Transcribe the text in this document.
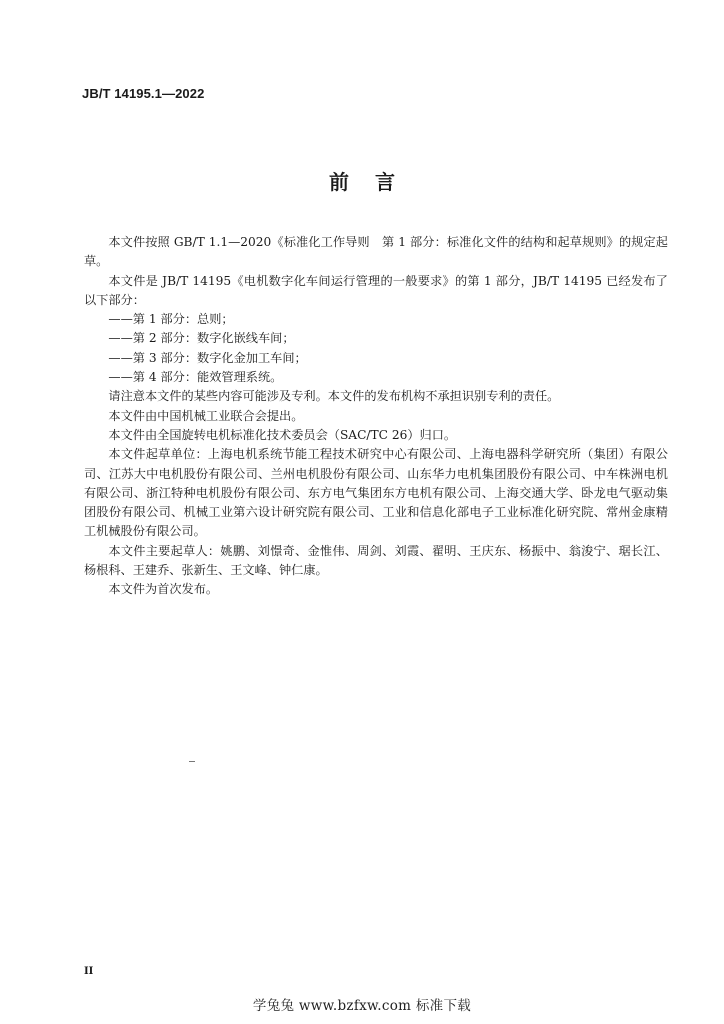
JB/T 14195.1—2022
前言

本文件按照 GB/T 1.1—2020《标准化工作导则　第 1 部分：标准化文件的结构和起草规则》的规定起草。

本文件是 JB/T 14195《电机数字化车间运行管理的一般要求》的第 1 部分，JB/T 14195 已经发布了以下部分：

——第 1 部分：总则；

——第 2 部分：数字化嵌线车间；

——第 3 部分：数字化金加工车间；

——第 4 部分：能效管理系统。

请注意本文件的某些内容可能涉及专利。本文件的发布机构不承担识别专利的责任。

本文件由中国机械工业联合会提出。

本文件由全国旋转电机标准化技术委员会（SAC/TC 26）归口。

本文件起草单位：上海电机系统节能工程技术研究中心有限公司、上海电器科学研究所（集团）有限公司、江苏大中电机股份有限公司、兰州电机股份有限公司、山东华力电机集团股份有限公司、中车株洲电机有限公司、浙江特种电机股份有限公司、东方电气集团东方电机有限公司、上海交通大学、卧龙电气驱动集团股份有限公司、机械工业第六设计研究院有限公司、工业和信息化部电子工业标准化研究院、常州金康精工机械股份有限公司。

本文件主要起草人：姚鹏、刘憬奇、金惟伟、周剑、刘霞、翟明、王庆东、杨振中、翁浚宁、琚长江、杨根科、王建乔、张新生、王文峰、钟仁康。

本文件为首次发布。

II
学兔兔 www.bzfxw.com 标准下载
